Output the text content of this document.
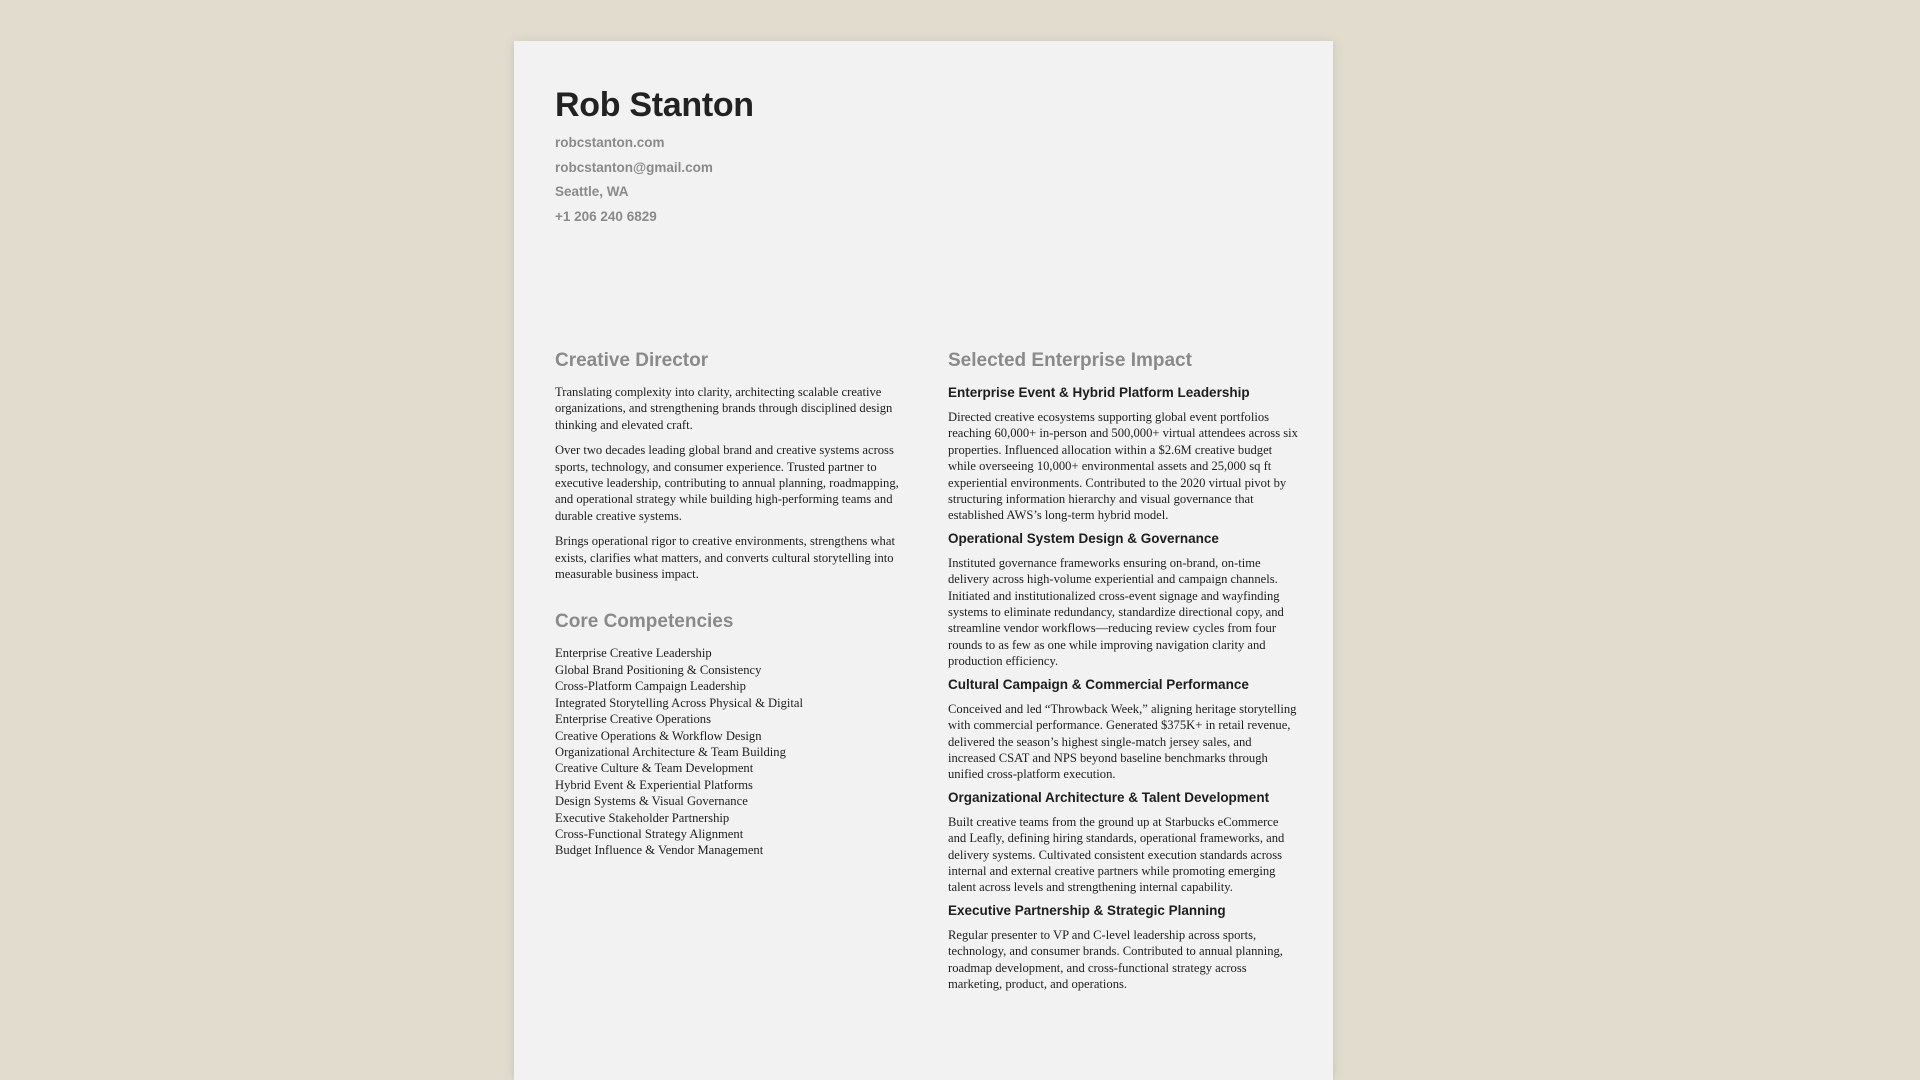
Rob Stanton
robcstanton.com
robcstanton@gmail.com
Seattle, WA
+1 206 240 6829
Creative Director

Translating complexity into clarity, architecting scalable creative organizations, and strengthening brands through disciplined design thinking and elevated craft.

Over two decades leading global brand and creative systems across sports, technology, and consumer experience. Trusted partner to executive leadership, contributing to annual planning, roadmapping, and operational strategy while building high-performing teams and durable creative systems.

Brings operational rigor to creative environments, strengthens what exists, clarifies what matters, and converts cultural storytelling into measurable business impact.

Core Competencies
Enterprise Creative Leadership
Global Brand Positioning & Consistency
Cross-Platform Campaign Leadership
Integrated Storytelling Across Physical & Digital
Enterprise Creative Operations
Creative Operations & Workflow Design
Organizational Architecture & Team Building
Creative Culture & Team Development
Hybrid Event & Experiential Platforms
Design Systems & Visual Governance
Executive Stakeholder Partnership
Cross-Functional Strategy Alignment
Budget Influence & Vendor Management
Selected Enterprise Impact
Enterprise Event & Hybrid Platform Leadership

Directed creative ecosystems supporting global event portfolios reaching 60,000+ in-person and 500,000+ virtual attendees across six properties. Influenced allocation within a $2.6M creative budget while overseeing 10,000+ environmental assets and 25,000 sq ft experiential environments. Contributed to the 2020 virtual pivot by structuring information hierarchy and visual governance that established AWS’s long-term hybrid model.

Operational System Design & Governance

Instituted governance frameworks ensuring on-brand, on-time delivery across high-volume experiential and campaign channels. Initiated and institutionalized cross-event signage and wayfinding systems to eliminate redundancy, standardize directional copy, and streamline vendor workflows—reducing review cycles from four rounds to as few as one while improving navigation clarity and production efficiency.

Cultural Campaign & Commercial Performance

Conceived and led “Throwback Week,” aligning heritage storytelling with commercial performance. Generated $375K+ in retail revenue, delivered the season’s highest single-match jersey sales, and increased CSAT and NPS beyond baseline benchmarks through unified cross-platform execution.

Organizational Architecture & Talent Development

Built creative teams from the ground up at Starbucks eCommerce and Leafly, defining hiring standards, operational frameworks, and delivery systems. Cultivated consistent execution standards across internal and external creative partners while promoting emerging talent across levels and strengthening internal capability.

Executive Partnership & Strategic Planning

Regular presenter to VP and C-level leadership across sports, technology, and consumer brands. Contributed to annual planning, roadmap development, and cross-functional strategy across marketing, product, and operations.
